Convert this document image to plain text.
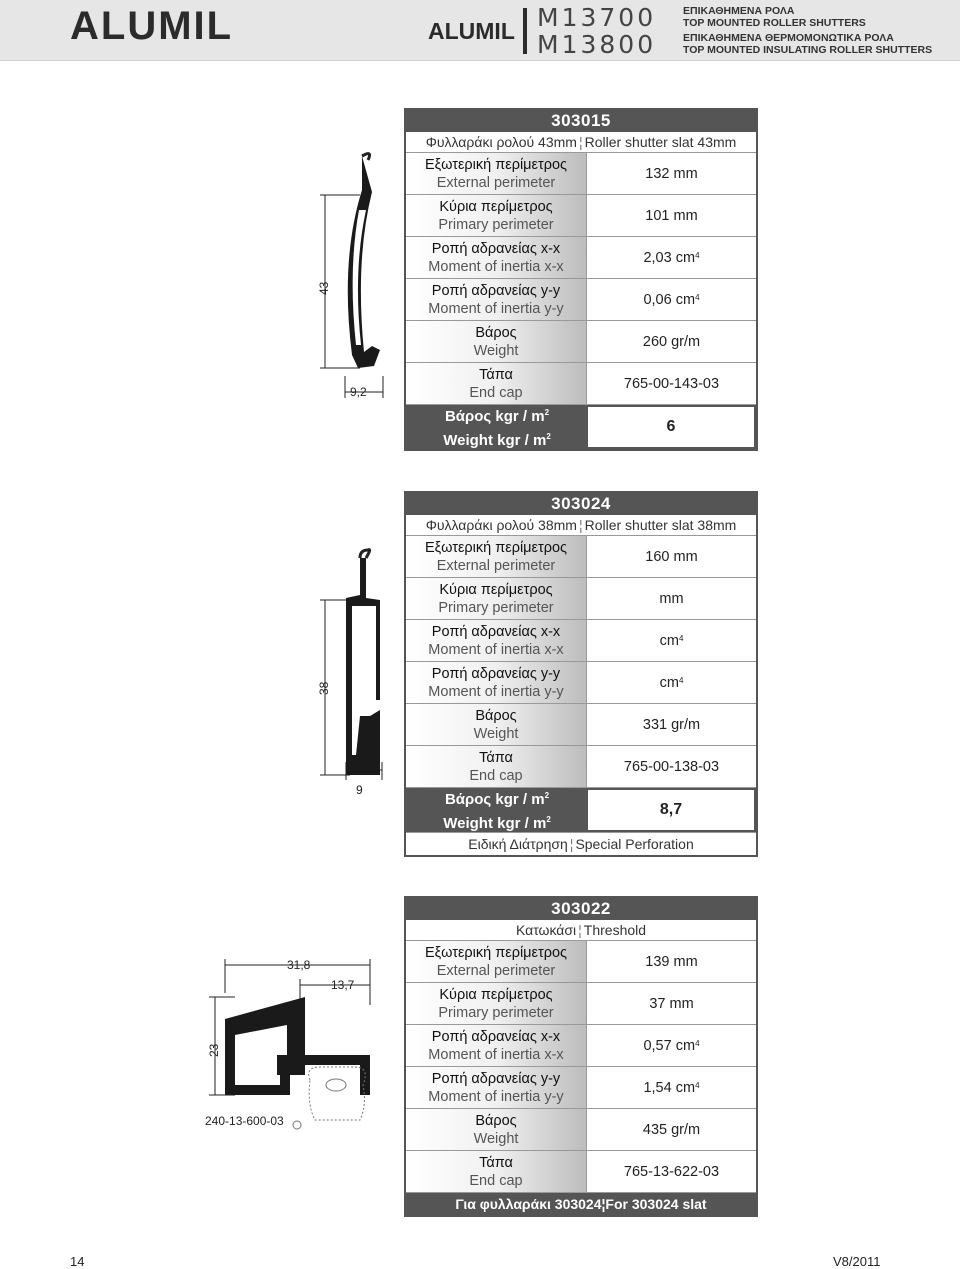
ALUMIL	ALUMIL M13700
M13800
ΕΠΙΚΑΘΗΜΕΝΑ ΡΟΛΑ
TOP MOUNTED ROLLER SHUTTERS
ΕΠΙΚΑΘΗΜΕΝΑ ΘΕΡΜΟΜΟΝΩΤΙΚΑ ΡΟΛΑ
TOP MOUNTED INSULATING ROLLER SHUTTERS
43
9,2
303015
Φυλλαράκι ρολού 43mm ¦ Roller shutter slat 43mm
Εξωτερική περίμετρος
External perimeter
132 mm
Κύρια περίμετρος
Primary perimeter
101 mm
Ροπή αδρανείας x-x
Moment of inertia x-x
2,03 $cm^4$
Ροπή αδρανείας y-y
Moment of inertia y-y
0,06 $cm^4$
Βάρος
Weight
260 gr/m
Τάπα
End cap
765-00-143-03
Βάρος kgr / $m^2$
Weight kgr / $m^2$
6
38
9
303024
Φυλλαράκι ρολού 38mm ¦ Roller shutter slat 38mm
Εξωτερική περίμετρος
External perimeter
160 mm
Κύρια περίμετρος
Primary perimeter
mm
Ροπή αδρανείας x-x
Moment of inertia x-x
$cm^4$
Ροπή αδρανείας y-y
Moment of inertia y-y
$cm^4$
Βάρος
Weight
331 gr/m
Τάπα
End cap
765-00-138-03
Βάρος kgr / $m^2$
Weight kgr / $m^2$
8,7
Ειδική Διάτρηση ¦ Special Perforation
31,8
13,7
23
240-13-600-03
303022
Κατωκάσι ¦ Threshold
Εξωτερική περίμετρος
External perimeter
139 mm
Κύρια περίμετρος
Primary perimeter
37 mm
Ροπή αδρανείας x-x
Moment of inertia x-x
0,57 $cm^4$
Ροπή αδρανείας y-y
Moment of inertia y-y
1,54 $cm^4$
Βάρος
Weight
435 gr/m
Τάπα
End cap
765-13-622-03
Για φυλλαράκι 303024¦For 303024 slat
14	V8/2011
